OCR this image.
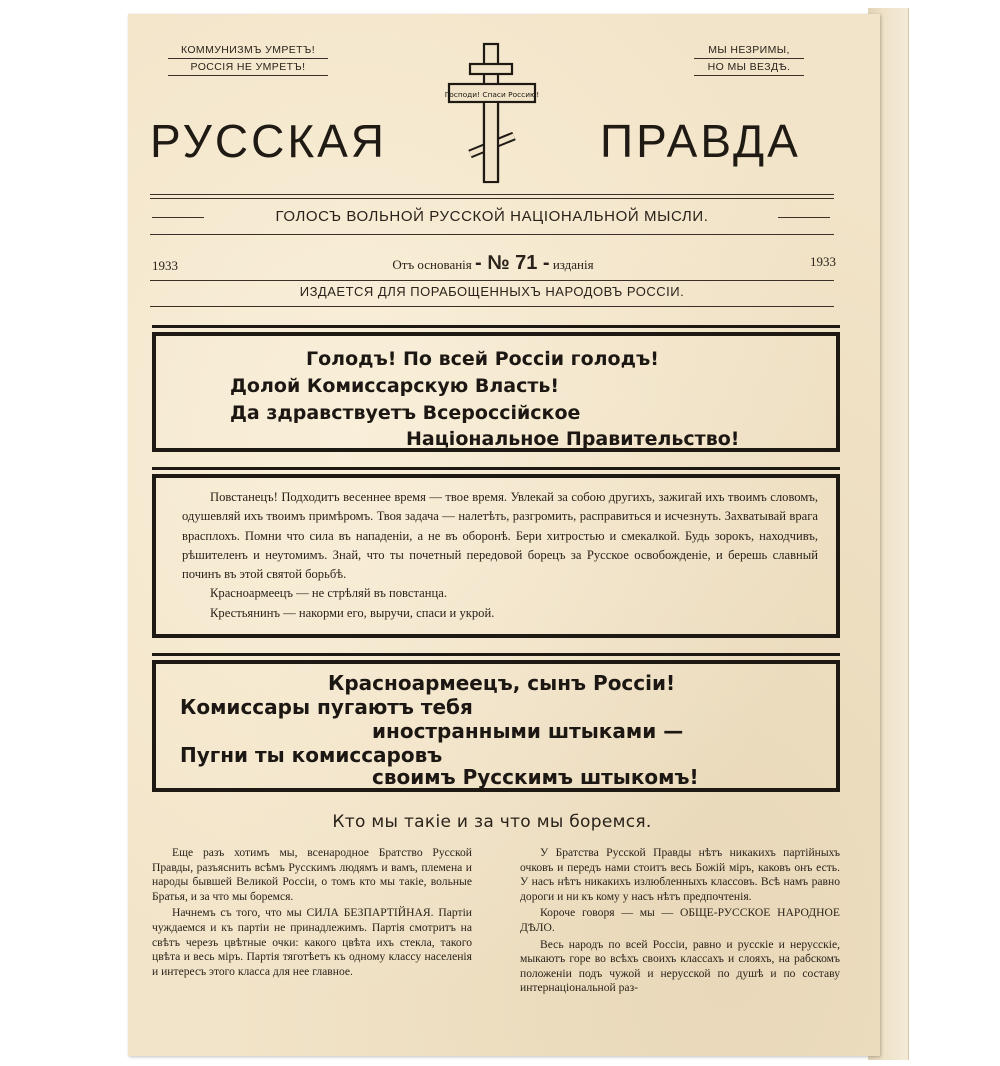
КОММУНИЗМЪ УМРЕТЪ!
РОССІЯ НЕ УМРЕТЪ!
МЫ НЕЗРИМЫ,
НО МЫ ВЕЗДѢ.
Господи! Спаси Россию!
РУССКАЯ	ПРАВДА
ГОЛОСЪ ВОЛЬНОЙ РУССКОЙ НАЦІОНАЛЬНОЙ МЫСЛИ.
1933	1933
Отъ основанія - № 71 - изданія
ИЗДАЕТСЯ ДЛЯ ПОРАБОЩЕННЫХЪ НАРОДОВЪ РОССІИ.
Голодъ! По всей Россіи голодъ!
Долой Комиссарскую Власть!
Да здравствуетъ Всероссійское
Національное Правительство!

Повстанецъ! Подходитъ весеннее время — твое время. Увлекай за собою другихъ, зажигай ихъ твоимъ словомъ, одушевляй ихъ твоимъ примѣромъ. Твоя задача — налетѣть, разгромить, расправиться и исчезнуть. Захватывай врага врасплохъ. Помни что сила въ нападеніи, а не въ оборонѣ. Бери хитростью и смекалкой. Будь зорокъ, находчивъ, рѣшителенъ и неутомимъ. Знай, что ты почетный передовой борецъ за Русское освобожденіе, и берешь славный починъ въ этой святой борьбѣ.

Красноармеецъ — не стрѣляй въ повстанца.

Крестьянинъ — накорми его, выручи, спаси и укрой.

Красноармеецъ, сынъ Россіи!
Комиссары пугаютъ тебя
иностранными штыками —
Пугни ты комиссаровъ
своимъ Русскимъ штыкомъ!
Кто мы такіе и за что мы боремся.

Еще разъ хотимъ мы, всенародное Братство Русской Правды, разъяснить всѣмъ Русскимъ людямъ и вамъ, племена и народы бывшей Великой Россіи, о томъ кто мы такіе, вольные Братья, и за что мы боремся.

Начнемъ съ того, что мы СИЛА БЕЗПАРТІЙНАЯ. Партіи чуждаемся и къ партіи не принадлежимъ. Партія смотритъ на свѣтъ черезъ цвѣтные очки: какого цвѣта ихъ стекла, такого цвѣта и весь міръ. Партія тяготѣетъ къ одному классу населенія и интересъ этого класса для нее главное.

У Братства Русской Правды нѣтъ никакихъ партійныхъ очковъ и передъ нами стоитъ весь Божій міръ, каковъ онъ есть. У насъ нѣтъ никакихъ излюбленныхъ классовъ. Всѣ намъ равно дороги и ни къ кому у насъ нѣтъ предпочтенія.

Короче говоря — мы — ОБЩЕ-РУССКОЕ НАРОДНОЕ ДѢЛО.

Весь народъ по всей Россіи, равно и русскіе и нерусскіе, мыкаютъ горе во всѣхъ своихъ классахъ и слояхъ, на рабскомъ положеніи подъ чужой и нерусской по душѣ и по составу интернаціональной раз-
